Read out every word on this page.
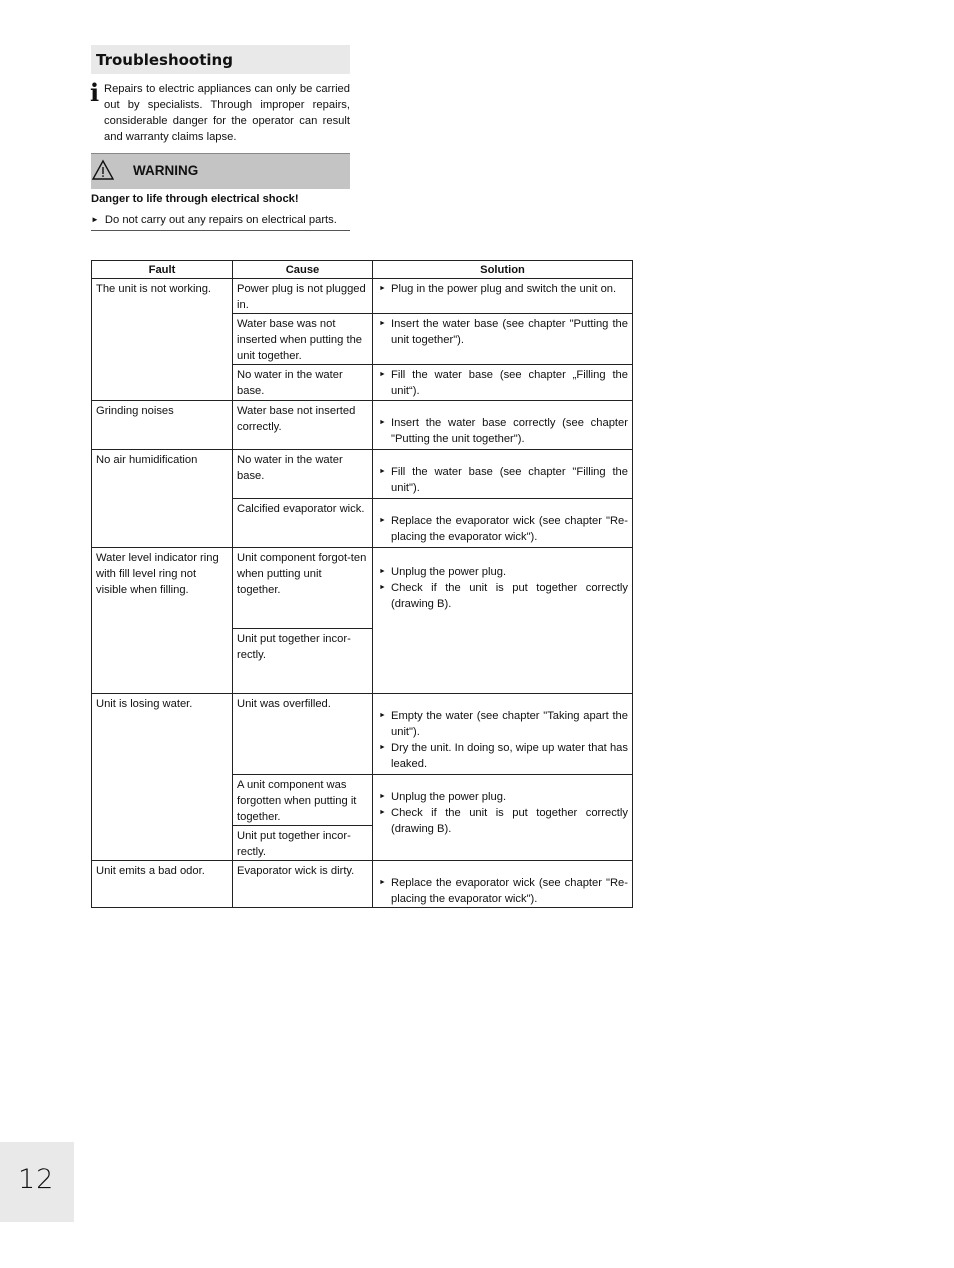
Troubleshooting
i Repairs to electric appliances can only be carried out by specialists. Through improper repairs, considerable danger for the operator can result and warranty claims lapse.
WARNING
Danger to life through electrical shock!
► Do not carry out any repairs on electrical parts.
Fault	Cause	Solution
The unit is not working.	Power plug is not plugged in.	► Plug in the power plug and switch the unit on.

	Water base was not inserted when putting the unit together.	► Insert the water base (see chapter "Putting the unit together").

	No water in the water base.	► Fill the water base (see chapter „Filling the unit“).

Grinding noises	Water base not inserted correctly.	► Insert the water base correctly (see chapter "Putting the unit together").

No air humidification	No water in the water base.	► Fill the water base (see chapter "Filling the unit").

	Calcified evaporator wick.	► Replace the evaporator wick (see chapter "Re-placing the evaporator wick").

Water level indicator ring with fill level ring not visible when filling.	Unit component forgot-ten when putting unit together.	► Unplug the power plug.
► Check if the unit is put together correctly (drawing B).

	Unit put together incor-rectly.	
Unit is losing water.	Unit was overfilled.	► Empty the water (see chapter "Taking apart the unit").
► Dry the unit. In doing so, wipe up water that has leaked.

	A unit component was forgotten when putting it together.	► Unplug the power plug.
► Check if the unit is put together correctly (drawing B).

	Unit put together incor-rectly.	
Unit emits a bad odor.	Evaporator wick is dirty.	► Replace the evaporator wick (see chapter "Re-placing the evaporator wick").
12
